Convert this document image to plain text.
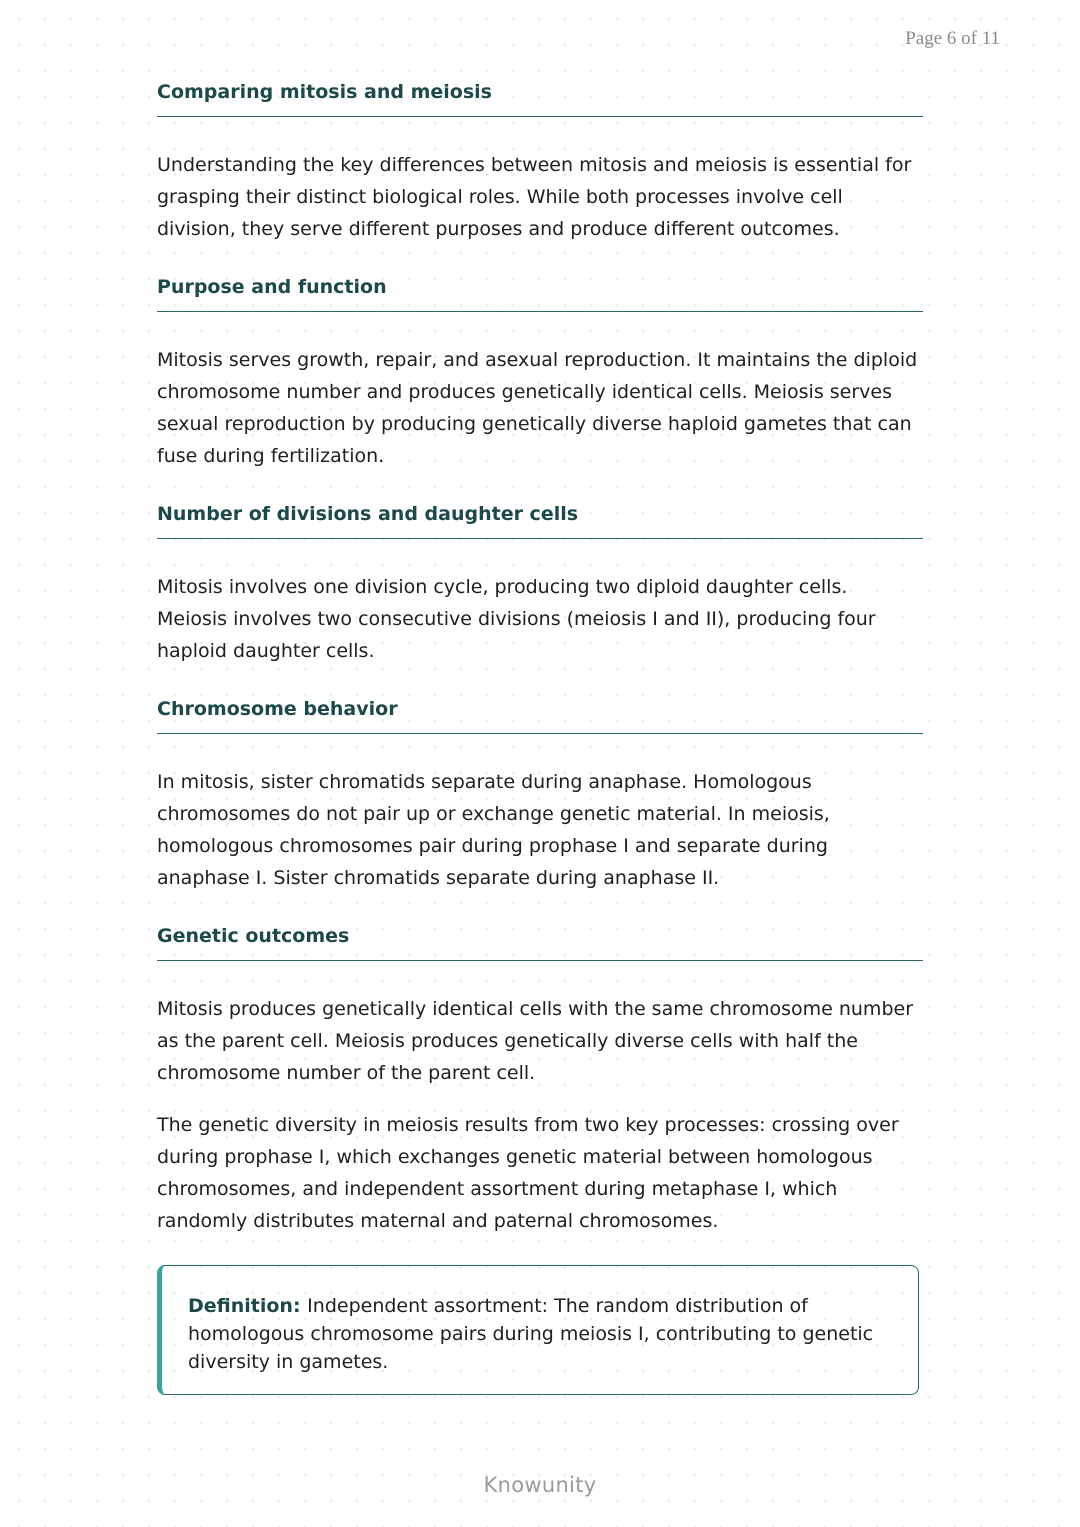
Page 6 of 11
Comparing mitosis and meiosis

Understanding the key differences between mitosis and meiosis is essential for grasping their distinct biological roles. While both processes involve cell division, they serve different purposes and produce different outcomes.

Purpose and function

Mitosis serves growth, repair, and asexual reproduction. It maintains the diploid chromosome number and produces genetically identical cells. Meiosis serves sexual reproduction by producing genetically diverse haploid gametes that can fuse during fertilization.

Number of divisions and daughter cells

Mitosis involves one division cycle, producing two diploid daughter cells. Meiosis involves two consecutive divisions (meiosis I and II), producing four haploid daughter cells.

Chromosome behavior

In mitosis, sister chromatids separate during anaphase. Homologous chromosomes do not pair up or exchange genetic material. In meiosis, homologous chromosomes pair during prophase I and separate during anaphase I. Sister chromatids separate during anaphase II.

Genetic outcomes

Mitosis produces genetically identical cells with the same chromosome number as the parent cell. Meiosis produces genetically diverse cells with half the chromosome number of the parent cell.

The genetic diversity in meiosis results from two key processes: crossing over during prophase I, which exchanges genetic material between homologous chromosomes, and independent assortment during metaphase I, which randomly distributes maternal and paternal chromosomes.

Definition: Independent assortment: The random distribution of homologous chromosome pairs during meiosis I, contributing to genetic diversity in gametes.
Knowunity
